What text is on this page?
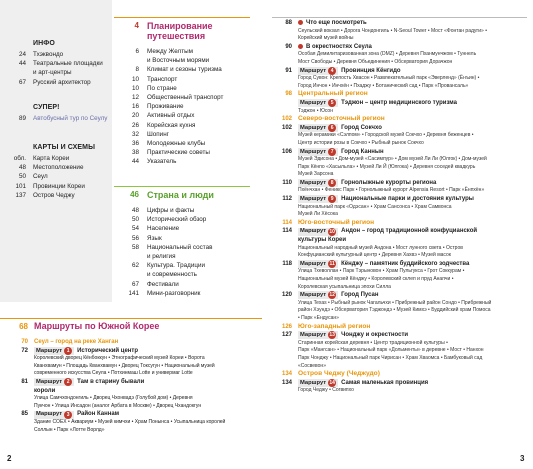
ИНФО
24	Тхэквондо
44	Театральные площадки
и арт-центры
67	Русский архитектор
СУПЕР!
89	Автобусный тур по Сеулу
КАРТЫ И СХЕМЫ
обл.	Карта Кореи
48	Местоположение
50	Сеул
101	Провинции Кореи
137	Остров Чеджу
4 Планирование
путешествия
6	Между Желтым
и Восточным морями
8	Климат и сезоны туризма
10	Транспорт
10	По стране
12	Общественный транспорт
16	Проживание
20	Активный отдых
26	Корейская кухня
32	Шопинг
36	Молодежные клубы
38	Практические советы
44	Указатель
46 Страна и люди
48	Цифры и факты
50	Исторический обзор
54	Население
56	Язык
58	Национальный состав
и религия
62	Культура. Традиции
и современность
67	Фестивали
141	Мини-разговорник
68 Маршруты по Южной Корее
70	Сеул – город на реке Ханган
72	Маршрут 1	Исторический центр
Королевский дворец Кёнбоккун • Этнографический музей Кореи • Ворота
Кванхвамун • Площадь Кванхвамун • Дворец Токсугун • Национальный музей
современного искусства Сеула • Потхинмаш Lotte и универмаг Lotte
81	Маршрут 2	Там в старину бывали
короли
Улица Самчхондонгиль • Дворец Чхонвадэ (Голубой дом) • Деревня
Пукчон • Улица Инсадон (аналог Арбата в Москве) • Дворец Чхандокгун
85	Маршрут 3	Район Каннам
Здание COEX • Аквариум • Музей кимчхи • Храм Понынса • Усыпальница королей
Соллын • Парк «Лотте Ворлд»
88	Что еще посмотреть
Сеульский вокзал • Дорога Чондонгиль • N-Seoul Tower • Мост «Фонтан радуги» •
Корейский музей войны
90	В окрестностях Сеула
Особая Демилитаризованная зона (DMZ) • Деревня Пханмунчжом • Туннель
Мост Свободы • Деревня Объединения • Обсерватория Дорачжон
91	Маршрут 4	Провинция Кёнгидо
Город Сувон: Крепость Хвасон • Развлекательный парк «Эверленд» (Ёнъин) •
Город Инчон • Инчхён • Пхаджу • Ботанический сад • Парк «Провансаль»
98 Центральный регион
Маршрут 5	Тэджон – центр медицинского туризма
Тэджон • Юсон
102 Северо-восточный регион
102	Маршрут 6	Город Сокчхо
Музей керамики «Сэлпом» • Городской музей Сокчхо • Деревня беженцев •
Центр истории розы в Сокчхо • Рыбный рынок Сокчхо
106	Маршрут 7	Город Каннын
Музей Эдисона • Дом-музей «Сасимпур» • Дом музей Ли Ли (Юлгок) • Дом-музей
Парк Кёнпо «Хасыльла» • Музей Ли Й (Юлгока) • Деревня соседей квадкурь
Музей Зарсона
110	Маршрут 8	Горнолыжные курорты региона
Пхёнчхан • Феникс Парк • Горнолыжный курорт Alpensia Resort • Парк «Ёнпхён»
112	Маршрут 9	Национальные парки и достояния культуры
Национальный парк «Одэсан» • Храм Сансонса • Храм Самвонса
Музей Ли Хёсока
114 Юго-восточный регион
114	Маршрут 10 Андон – город традиционной конфуцианской
культуры Кореи
Национальный народный музей Андона • Мост лунного света • Остров
Конфуцианский культурный центр • Деревня Хахвэ • Музей масок
118	Маршрут 11 Кёнджу – памятник буддийского зодчества
Улица Тхеволлан • Парк Тэрыновон • Храм Пульгукса • Грот Соккурам •
Национальный музей Кёнджу • Королевский склеп и пруд Анапчи •
Королевская усыпальница эпохи Силла
120	Маршрут 12 Город Пусан
Улица Texas • Рыбный рынок Чагальчхи • Прибрежный район Сондо • Прибрежный
район Хэундэ • Обсерватория Тэджондэ • Музей Кимхэ • Буддийский храм Помоса
• Парк «Ендусан»
126 Юго-западный регион
127	Маршрут 13 Чонджу и окрестности
Старинная корейская деревня • Центр традиционной культуры •
Парк «Мангсан» • Национальный парк «Дольменты» в деревне • Мост • Нанхон
Парк Чонджу • Национальный парк Чирисан • Храм Хваомса • Бамбуковый сад
«Сосвевон»
134 Остров Чеджу (Чеджудо)
134	Маршрут 14 Самая маленькая провинция
Город Чеджу • Согвипхо
2	3
